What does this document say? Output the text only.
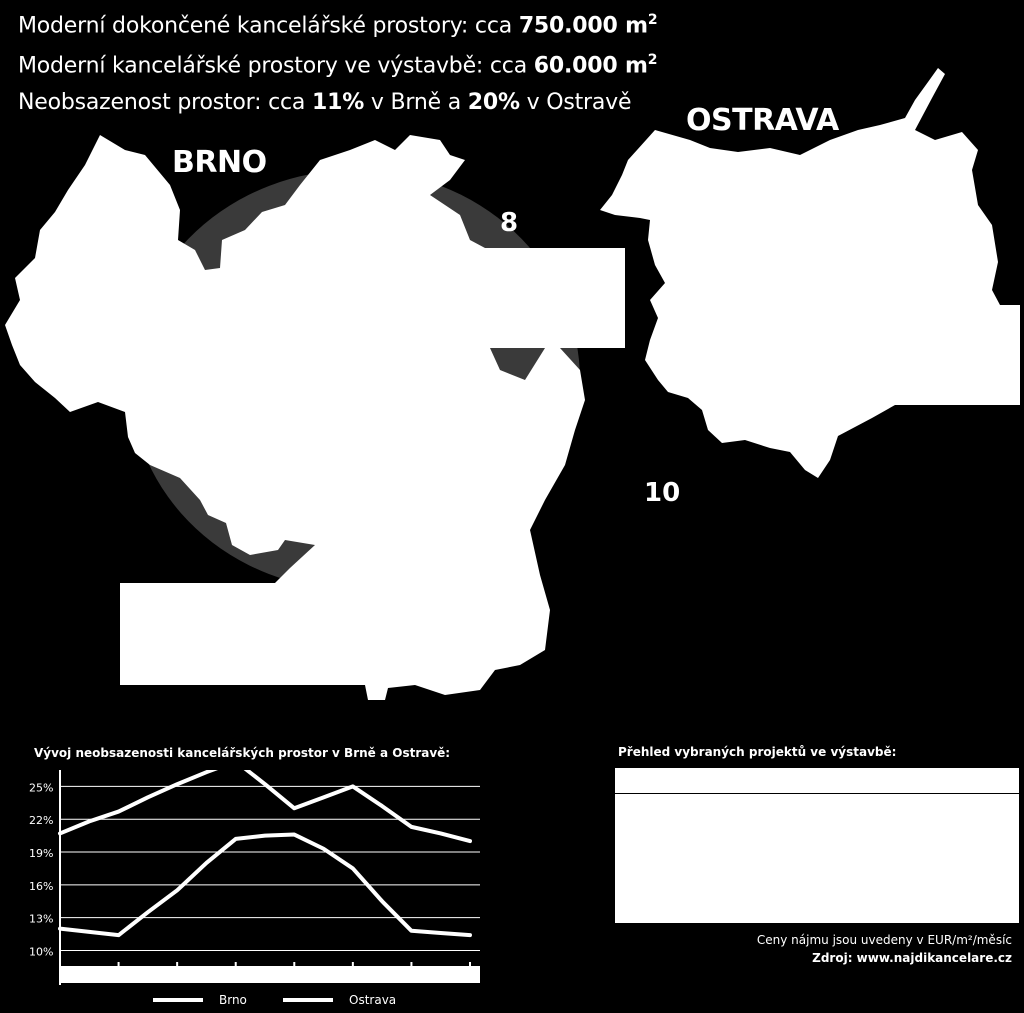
Moderní dokončené kancelářské prostory: cca 750.000 $m^2$
Moderní kancelářské prostory ve výstavbě: cca 60.000 $m^2$
Neobsazenost prostor: cca 11% v Brně a 20% v Ostravě
BRNO
OSTRAVA
8
10
Vývoj neobsazenosti kancelářských prostor v Brně a Ostravě:
25%
22%
19%
16%
13%
10%
Brno	Ostrava
Přehled vybraných projektů ve výstavbě:
Ceny nájmu jsou uvedeny v EUR/m²/měsíc
Zdroj: www.najdikancelare.cz
